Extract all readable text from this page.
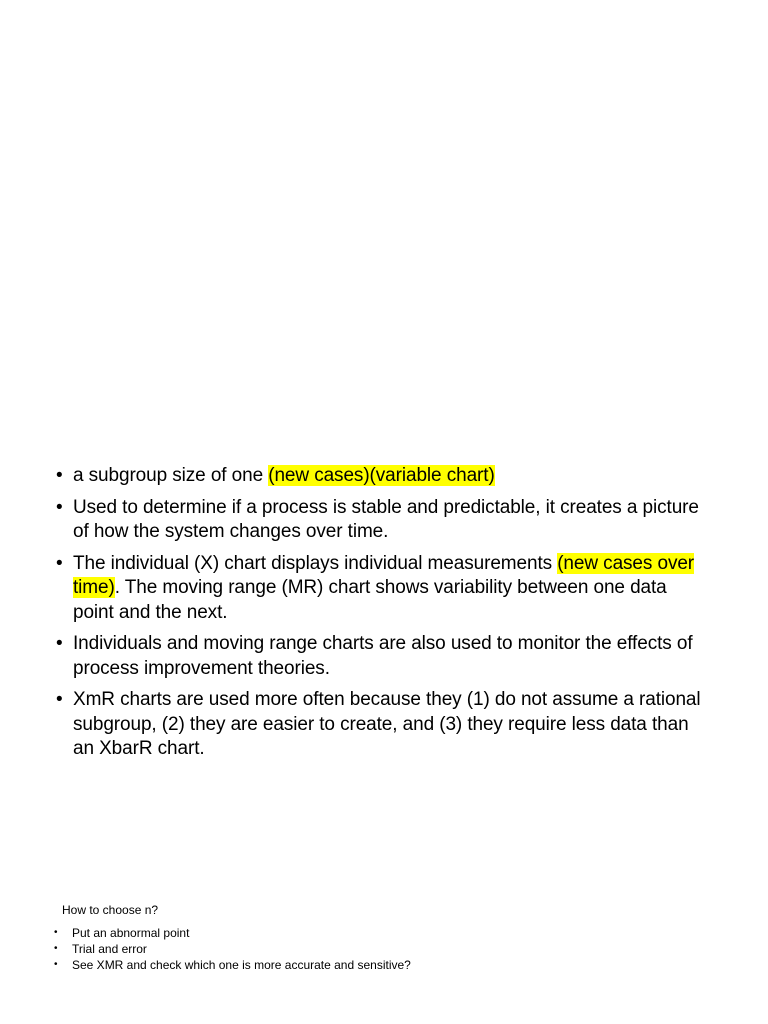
• a subgroup size of one (new cases)(variable chart)
• Used to determine if a process is stable and predictable, it creates a picture of how the system changes over time.
• The individual (X) chart displays individual measurements (new cases over time). The moving range (MR) chart shows variability between one data point and the next.
• Individuals and moving range charts are also used to monitor the effects of process improvement theories.
• XmR charts are used more often because they (1) do not assume a rational subgroup, (2) they are easier to create, and (3) they require less data than an XbarR chart.

How to choose n?

• Put an abnormal point
• Trial and error
• See XMR and check which one is more accurate and sensitive?
